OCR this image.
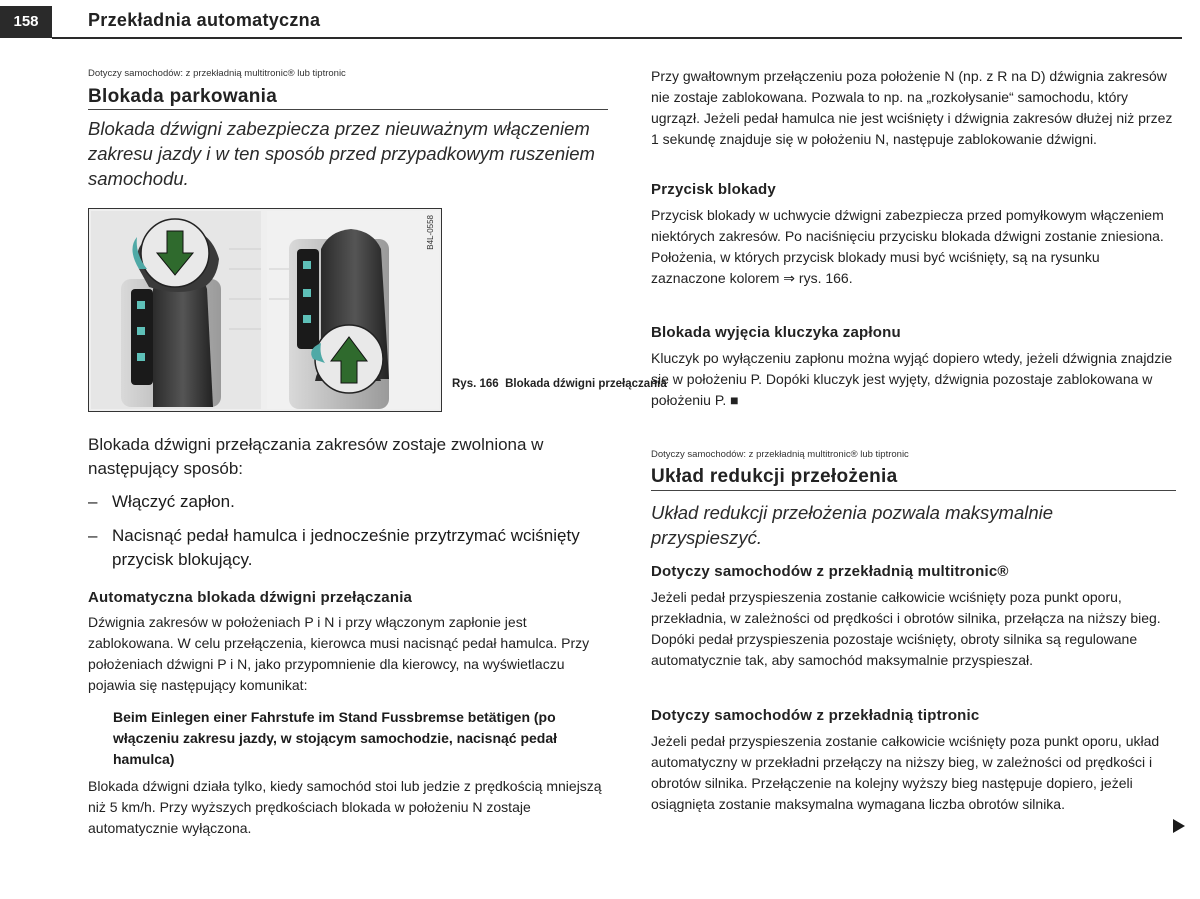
158	Przekładnia automatyczna

Dotyczy samochodów: z przekładnią multitronic® lub tiptronic

Blokada parkowania

Blokada dźwigni zabezpiecza przez nieuważnym włączeniem zakresu jazdy i w ten sposób przed przypadkowym ruszeniem samochodu.

Blokada dźwigni przełączania zakresów zostaje zwolniona w następujący sposób:

– Włączyć zapłon.

– Nacisnąć pedał hamulca i jednocześnie przytrzymać wciśnięty przycisk blokujący.

Automatyczna blokada dźwigni przełączania

Dźwignia zakresów w położeniach P i N i przy włączonym zapłonie jest zablokowana. W celu przełączenia, kierowca musi nacisnąć pedał hamulca. Przy położeniach dźwigni P i N, jako przypomnienie dla kierowcy, na wyświetlaczu pojawia się następujący komunikat:

Beim Einlegen einer Fahrstufe im Stand Fussbremse betätigen (po włączeniu zakresu jazdy, w stojącym samochodzie, nacisnąć pedał hamulca)

Blokada dźwigni działa tylko, kiedy samochód stoi lub jedzie z prędkością mniejszą niż 5 km/h. Przy wyższych prędkościach blokada w położeniu N zostaje automatycznie wyłączona.

B4L-0558
Rys. 166 Blokada dźwigni przełączania

Przy gwałtownym przełączeniu poza położenie N (np. z R na D) dźwignia zakresów nie zostaje zablokowana. Pozwala to np. na „rozkołysanie“ samochodu, który ugrzązł. Jeżeli pedał hamulca nie jest wciśnięty i dźwignia zakresów dłużej niż przez 1 sekundę znajduje się w położeniu N, następuje zablokowanie dźwigni.

Przycisk blokady

Przycisk blokady w uchwycie dźwigni zabezpiecza przed pomyłkowym włączeniem niektórych zakresów. Po naciśnięciu przycisku blokada dźwigni zostanie zniesiona. Położenia, w których przycisk blokady musi być wciśnięty, są na rysunku zaznaczone kolorem ⇒ rys. 166.

Blokada wyjęcia kluczyka zapłonu

Kluczyk po wyłączeniu zapłonu można wyjąć dopiero wtedy, jeżeli dźwignia znajdzie się w położeniu P. Dopóki kluczyk jest wyjęty, dźwignia pozostaje zablokowana w położeniu P. ■

Dotyczy samochodów: z przekładnią multitronic® lub tiptronic

Układ redukcji przełożenia

Układ redukcji przełożenia pozwala maksymalnie przyspieszyć.

Dotyczy samochodów z przekładnią multitronic®

Jeżeli pedał przyspieszenia zostanie całkowicie wciśnięty poza punkt oporu, przekładnia, w zależności od prędkości i obrotów silnika, przełącza na niższy bieg. Dopóki pedał przyspieszenia pozostaje wciśnięty, obroty silnika są regulowane automatycznie tak, aby samochód maksymalnie przyspieszał.

Dotyczy samochodów z przekładnią tiptronic

Jeżeli pedał przyspieszenia zostanie całkowicie wciśnięty poza punkt oporu, układ automatyczny w przekładni przełączy na niższy bieg, w zależności od prędkości i obrotów silnika. Przełączenie na kolejny wyższy bieg następuje dopiero, jeżeli osiągnięta zostanie maksymalna wymagana liczba obrotów silnika.
